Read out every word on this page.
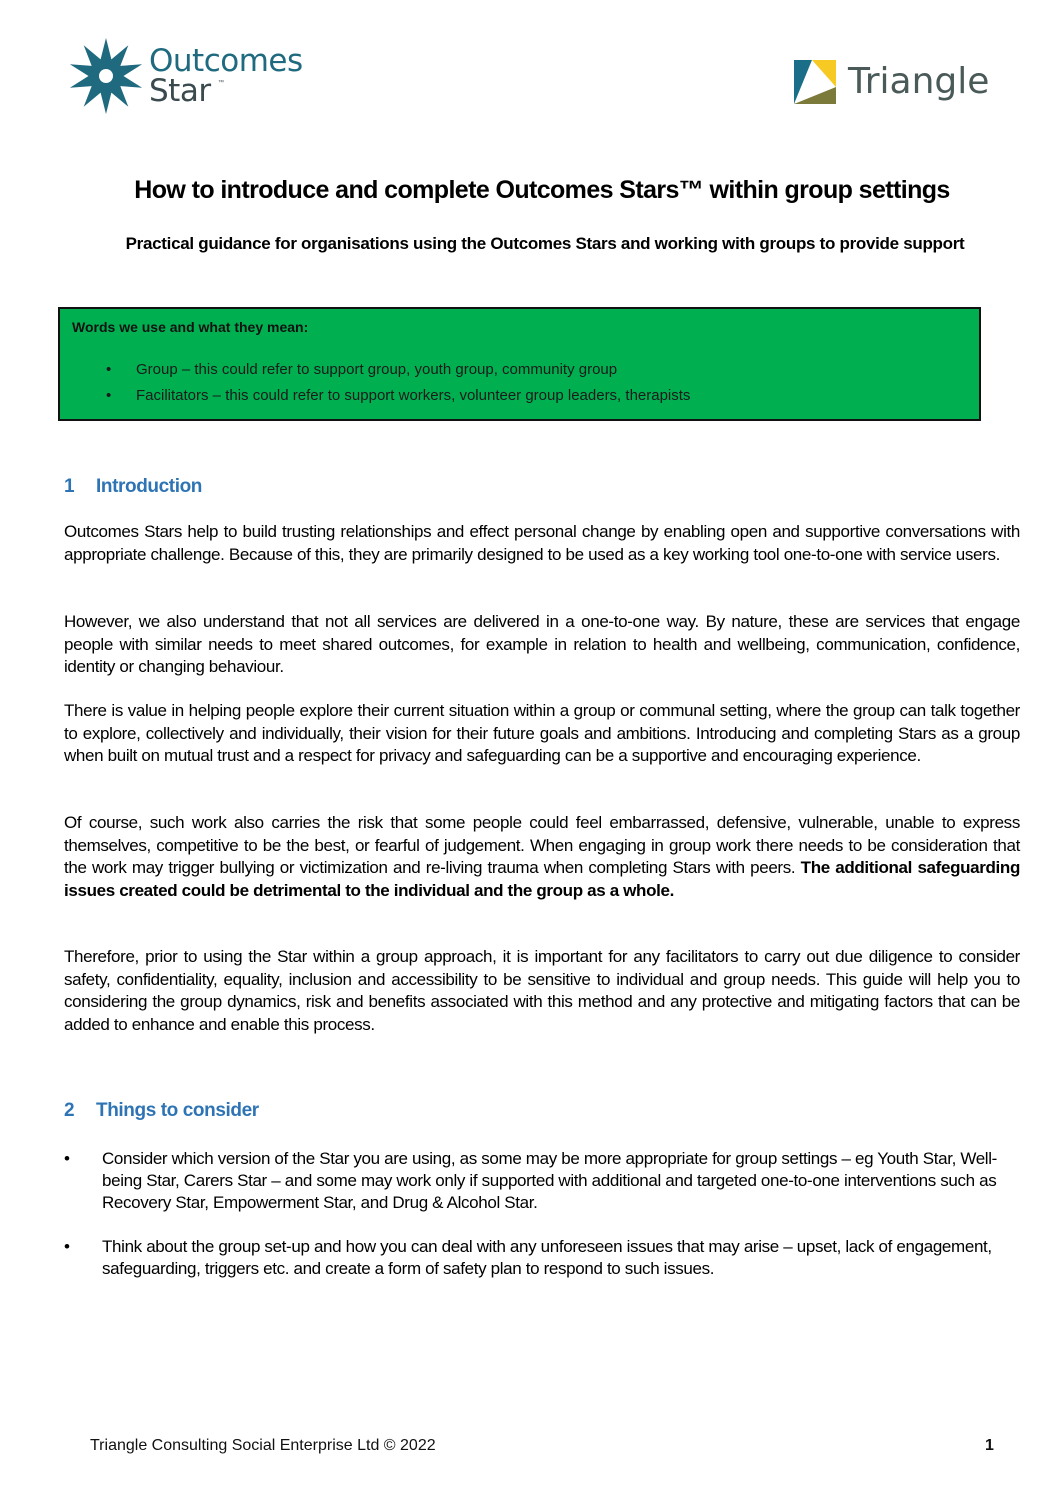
Outcomes
Star ™	Triangle
How to introduce and complete Outcomes Stars™ within group settings
Practical guidance for organisations using the Outcomes Stars and working with groups to provide support
Words we use and what they mean:
• Group – this could refer to support group, youth group, community group
• Facilitators – this could refer to support workers, volunteer group leaders, therapists
1 Introduction
Outcomes Stars help to build trusting relationships and effect personal change by enabling open and supportive conversations with appropriate challenge. Because of this, they are primarily designed to be used as a key working tool one-to-one with service users.
However, we also understand that not all services are delivered in a one-to-one way. By nature, these are services that engage people with similar needs to meet shared outcomes, for example in relation to health and wellbeing, communication, confidence, identity or changing behaviour.
There is value in helping people explore their current situation within a group or communal setting, where the group can talk together to explore, collectively and individually, their vision for their future goals and ambitions. Introducing and completing Stars as a group when built on mutual trust and a respect for privacy and safeguarding can be a supportive and encouraging experience.
Of course, such work also carries the risk that some people could feel embarrassed, defensive, vulnerable, unable to express themselves, competitive to be the best, or fearful of judgement. When engaging in group work there needs to be consideration that the work may trigger bullying or victimization and re-living trauma when completing Stars with peers. The additional safeguarding issues created could be detrimental to the individual and the group as a whole.
Therefore, prior to using the Star within a group approach, it is important for any facilitators to carry out due diligence to consider safety, confidentiality, equality, inclusion and accessibility to be sensitive to individual and group needs. This guide will help you to considering the group dynamics, risk and benefits associated with this method and any protective and mitigating factors that can be added to enhance and enable this process.
2 Things to consider
• Consider which version of the Star you are using, as some may be more appropriate for group settings – eg Youth Star, Well-being Star, Carers Star – and some may work only if supported with additional and targeted one-to-one interventions such as Recovery Star, Empowerment Star, and Drug & Alcohol Star.
• Think about the group set-up and how you can deal with any unforeseen issues that may arise – upset, lack of engagement, safeguarding, triggers etc. and create a form of safety plan to respond to such issues.
Triangle Consulting Social Enterprise Ltd © 2022	1
